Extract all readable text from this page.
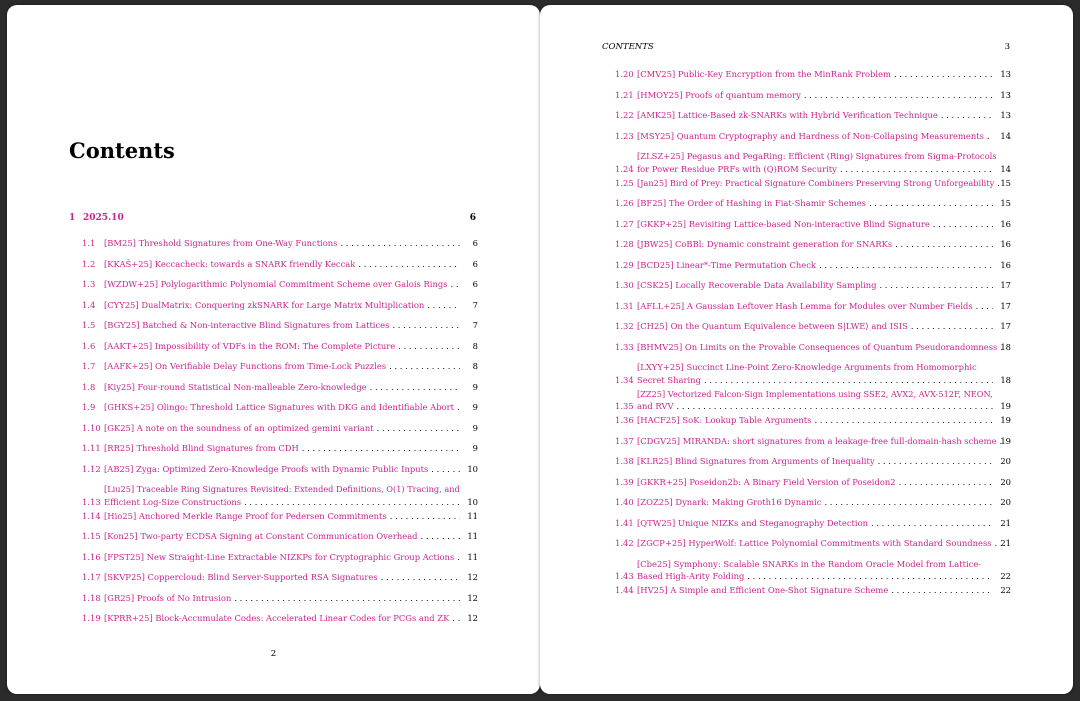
Contents
1 2025.10	6
1.1	[BM25] Threshold Signatures from One-Way Functions . . .	6
1.2	[KKAŠ+25] Keccacheck: towards a SNARK friendly Keccak . . .	6
1.3	[WZDW+25] Polylogarithmic Polynomial Commitment Scheme over Galois Rings . . .	6
1.4	[CYY25] DualMatrix: Conquering zkSNARK for Large Matrix Multiplication . . .	7
1.5	[BGY25] Batched & Non-interactive Blind Signatures from Lattices . . .	7
1.6	[AAKT+25] Impossibility of VDFs in the ROM: The Complete Picture . . .	8
1.7	[AAFK+25] On Verifiable Delay Functions from Time-Lock Puzzles . . .	8
1.8	[Kiy25] Four-round Statistical Non-malleable Zero-knowledge . . .	9
1.9	[GHKS+25] Olingo: Threshold Lattice Signatures with DKG and Identifiable Abort . . .	9
1.10 [GK25] A note on the soundness of an optimized gemini variant . . .	9
1.11 [RR25] Threshold Blind Signatures from CDH . . .	9
1.12 [AB25] Zyga: Optimized Zero-Knowledge Proofs with Dynamic Public Inputs . . .	10
1.13
[Liu25] Traceable Ring Signatures Revisited: Extended Definitions, O(1) Tracing, and
Efficient Log-Size Constructions . . .	10
1.14 [Hio25] Anchored Merkle Range Proof for Pedersen Commitments . . .	11
1.15 [Kon25] Two-party ECDSA Signing at Constant Communication Overhead . . .	11
1.16 [FPST25] New Straight-Line Extractable NIZKPs for Cryptographic Group Actions . . .	11
1.17 [SKVP25] Coppercloud: Blind Server-Supported RSA Signatures . . .	12
1.18 [GR25] Proofs of No Intrusion . . .	12
1.19 [KPRR+25] Block-Accumulate Codes: Accelerated Linear Codes for PCGs and ZK . . .	12
2
CONTENTS	3
1.20 [CMV25] Public-Key Encryption from the MinRank Problem . . .	13
1.21 [HMOY25] Proofs of quantum memory . . .	13
1.22 [AMK25] Lattice-Based zk-SNARKs with Hybrid Verification Technique . . .	13
1.23 [MSY25] Quantum Cryptography and Hardness of Non-Collapsing Measurements . . .	14
1.24
[ZLSZ+25] Pegasus and PegaRing: Efficient (Ring) Signatures from Sigma-Protocols
for Power Residue PRFs with (Q)ROM Security . . .	14
1.25 [Jan25] Bird of Prey: Practical Signature Combiners Preserving Strong Unforgeability . . . 15
1.26 [BF25] The Order of Hashing in Fiat-Shamir Schemes . . .	15
1.27 [GKKP+25] Revisiting Lattice-based Non-interactive Blind Signature . . .	16
1.28 [JBW25] CoBBl: Dynamic constraint generation for SNARKs . . .	16
1.29 [BCD25] Linear*-Time Permutation Check . . .	16
1.30 [CSK25] Locally Recoverable Data Availability Sampling . . .	17
1.31 [AFLL+25] A Gaussian Leftover Hash Lemma for Modules over Number Fields . . .	17
1.32 [CH25] On the Quantum Equivalence between S|LWE⟩ and ISIS . . .	17
1.33 [BHMV25] On Limits on the Provable Consequences of Quantum Pseudorandomness . . . 18
1.34
[LXYY+25] Succinct Line-Point Zero-Knowledge Arguments from Homomorphic
Secret Sharing . . .	18
1.35
[ZZ25] Vectorized Falcon-Sign Implementations using SSE2, AVX2, AVX-512F, NEON,
and RVV . . .	19
1.36 [HACF25] SoK: Lookup Table Arguments . . .	19
1.37 [CDGV25] MIRANDA: short signatures from a leakage-free full-domain-hash scheme . . . 19
1.38 [KLR25] Blind Signatures from Arguments of Inequality . . .	20
1.39 [GKKR+25] Poseidon2b: A Binary Field Version of Poseidon2 . . .	20
1.40 [ZOZ25] Dynark: Making Groth16 Dynamic . . .	20
1.41 [QTW25] Unique NIZKs and Steganography Detection . . .	21
1.42 [ZGCP+25] HyperWolf: Lattice Polynomial Commitments with Standard Soundness . . .	21
1.43
[Cbe25] Symphony: Scalable SNARKs in the Random Oracle Model from Lattice-
Based High-Arity Folding . . .	22
1.44 [HV25] A Simple and Efficient One-Shot Signature Scheme . . .	22
